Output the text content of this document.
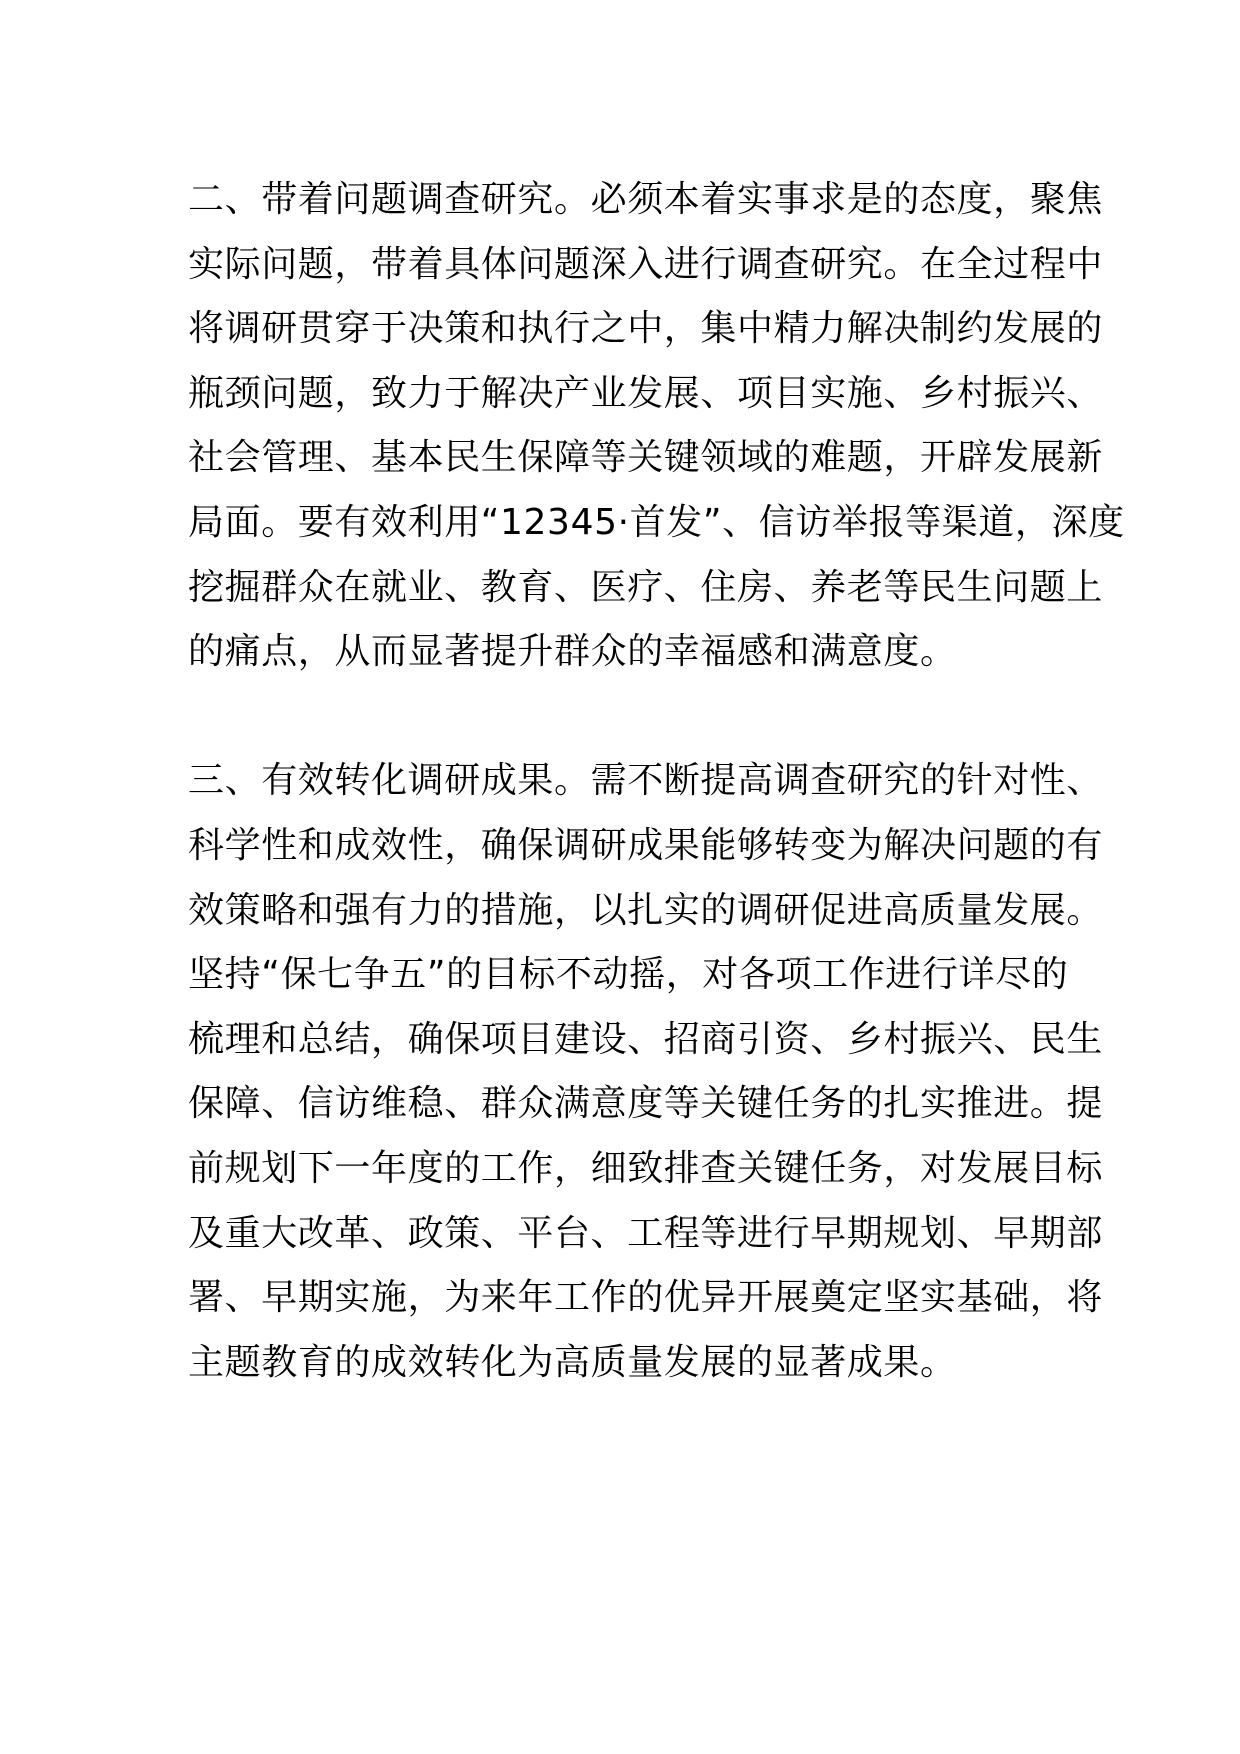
二、带着问题调查研究。必须本着实事求是的态度，聚焦
实际问题，带着具体问题深入进行调查研究。在全过程中
将调研贯穿于决策和执行之中，集中精力解决制约发展的
瓶颈问题，致力于解决产业发展、项目实施、乡村振兴、
社会管理、基本民生保障等关键领域的难题，开辟发展新
局面。要有效利用“12345·首发”、信访举报等渠道，深度
挖掘群众在就业、教育、医疗、住房、养老等民生问题上
的痛点，从而显著提升群众的幸福感和满意度。
三、有效转化调研成果。需不断提高调查研究的针对性、
科学性和成效性，确保调研成果能够转变为解决问题的有
效策略和强有力的措施，以扎实的调研促进高质量发展。
坚持“保七争五”的目标不动摇，对各项工作进行详尽的
梳理和总结，确保项目建设、招商引资、乡村振兴、民生
保障、信访维稳、群众满意度等关键任务的扎实推进。提
前规划下一年度的工作，细致排查关键任务，对发展目标
及重大改革、政策、平台、工程等进行早期规划、早期部
署、早期实施，为来年工作的优异开展奠定坚实基础，将
主题教育的成效转化为高质量发展的显著成果。
